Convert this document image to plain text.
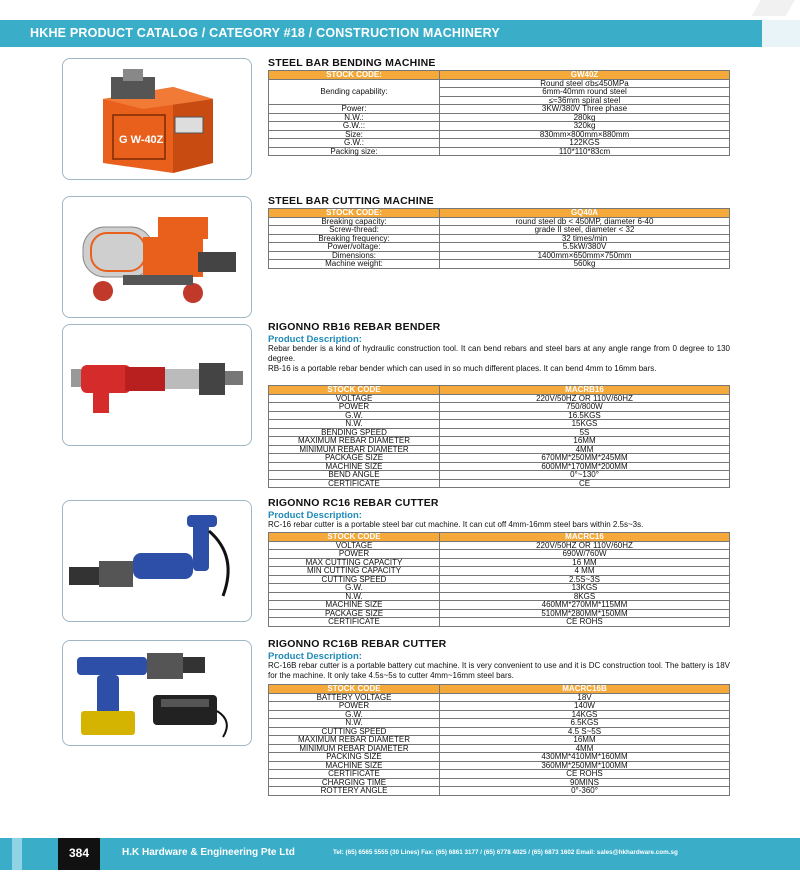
HKHE PRODUCT CATALOG / CATEGORY #18 / CONSTRUCTION MACHINERY
G W-40Z
STEEL BAR BENDING MACHINE
STOCK CODE:	GW40Z
Bending capability:	Round steel σb≤450MPa
	6mm-40mm round steel
	≤≈36mm spiral steel
Power:	3KW/380V Three phase
N.W.:	280kg
G.W.::	320kg
Size:	830mm×800mm×880mm
G.W.:	122KGS
Packing size:	110*110*83cm
STEEL BAR CUTTING MACHINE
STOCK CODE:	GQ40A
Breaking capacity:	round steel db < 450MP, diameter 6-40
Screw-thread:	grade II steel, diameter < 32
Breaking frequency:	32 times/min
Power/voltage:	5.5kW/380V
Dimensions:	1400mm×650mm×750mm
Machine weight:	560kg
RIGONNO RB16 REBAR BENDER
Product Description:
Rebar bender is a kind of hydraulic construction tool. It can bend rebars and steel bars at any angle range from 0 degree to 130 degree.
RB-16 is a portable rebar bender which can used in so much different places. It can bend 4mm to 16mm bars.
STOCK CODE	MACRB16
VOLTAGE	220V/50HZ OR 110V/60HZ
POWER	750/800W
G.W.	16.5KGS
N.W.	15KGS
BENDING SPEED	5S
MAXIMUM REBAR DIAMETER	16MM
MINIMUM REBAR DIAMETER	4MM
PACKAGE SIZE	670MM*250MM*245MM
MACHINE SIZE	600MM*170MM*200MM
BEND ANGLE	0°~130°
CERTIFICATE	CE
RIGONNO RC16 REBAR CUTTER
Product Description:
RC-16 rebar cutter is a portable steel bar cut machine. It can cut off 4mm-16mm steel bars within 2.5s~3s.
STOCK CODE	MACRC16
VOLTAGE	220V/50HZ OR 110V/60HZ
POWER	690W/760W
MAX CUTTING CAPACITY	16 MM
MIN CUTTING CAPACITY	4 MM
CUTTING SPEED	2.5S~3S
G.W.	13KGS
N.W.	8KGS
MACHINE SIZE	460MM*270MM*115MM
PACKAGE SIZE	510MM*280MM*150MM
CERTIFICATE	CE ROHS
RIGONNO RC16B REBAR CUTTER
Product Description:
RC-16B rebar cutter is a portable battery cut machine. It is very convenient to use and it is DC construction tool. The battery is 18V for the machine. It only take 4.5s~5s to cutter 4mm~16mm steel bars.
STOCK CODE	MACRC16B
BATTERY VOLTAGE	18V
POWER	140W
G.W.	14KGS
N.W.	6.5KGS
CUTTING SPEED	4.5 S~5S
MAXIMUM REBAR DIAMETER	16MM
MINIMUM REBAR DIAMETER	4MM
PACKING SIZE	430MM*410MM*160MM
MACHINE SIZE	360MM*250MM*100MM
CERTIFICATE	CE ROHS
CHARGING TIME	90MINS
ROTTERY ANGLE	0°-360°
384	H.K Hardware & Engineering Pte Ltd	Tel: (65) 6565 5555 (30 Lines) Fax: (65) 6861 3177 / (65) 6778 4025 / (65) 6873 1602 Email: sales@hkhardware.com.sg
